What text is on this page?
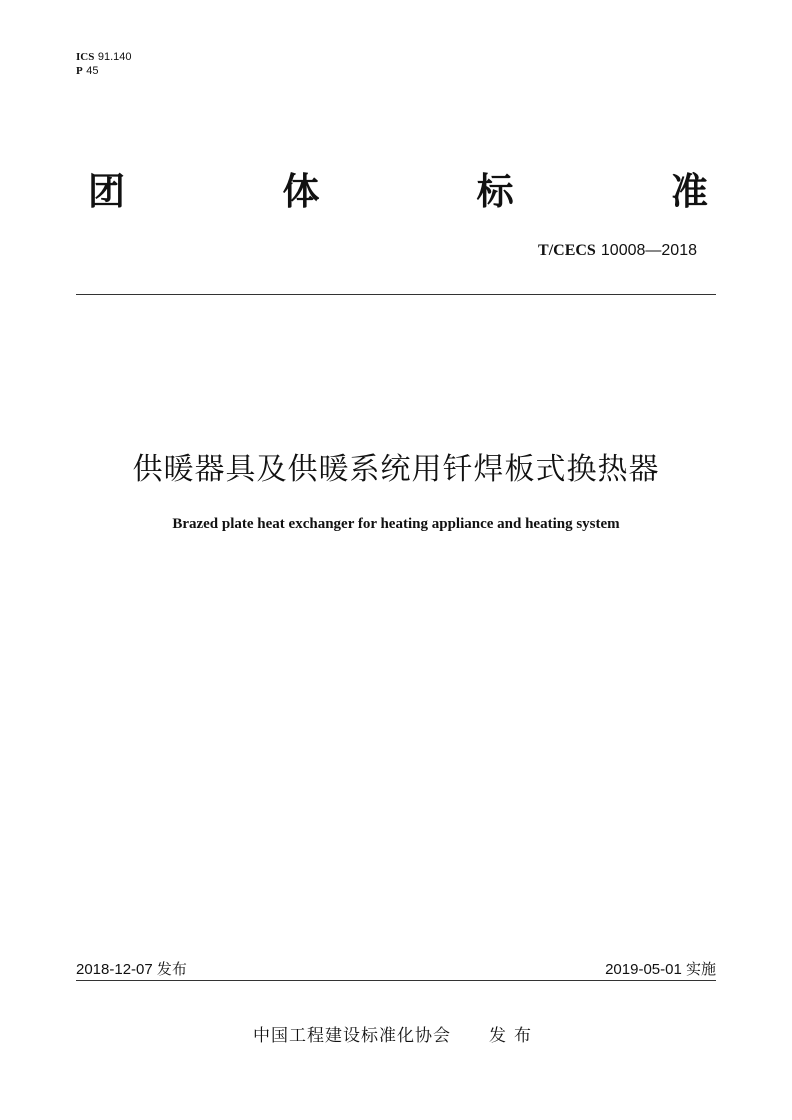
ICS 91.140
P 45
团	体	标	准
T/CECS 10008—2018
供暖器具及供暖系统用钎焊板式换热器
Brazed plate heat exchanger for heating appliance and heating system
2018-12-07 发布	2019-05-01 实施
中国工程建设标准化协会 发布
